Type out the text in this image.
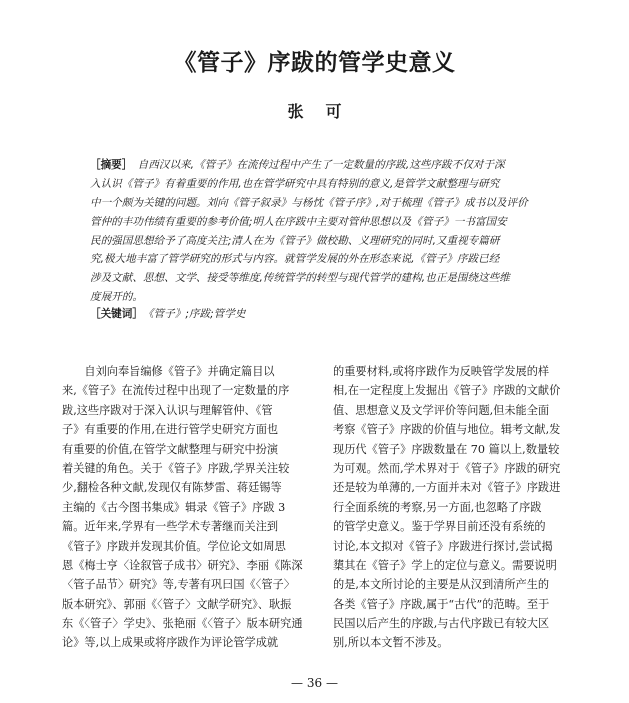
《管子》序跋的管学史意义
张 可
［摘要］　 自西汉以来,《管子》在流传过程中产生了一定数量的序跋,这些序跋不仅对于深
入认识《管子》有着重要的作用,也在管学研究中具有特别的意义,是管学文献整理与研究
中一个颇为关键的问题。刘向《管子叙录》与杨忱《管子序》,对于梳理《管子》成书以及评价
管仲的丰功伟绩有重要的参考价值;明人在序跋中主要对管仲思想以及《管子》一书富国安
民的强国思想给予了高度关注;清人在为《管子》做校勘、义理研究的同时,又重视专篇研
究,极大地丰富了管学研究的形式与内容。就管学发展的外在形态来说,《管子》序跋已经
涉及文献、思想、文学、接受等维度,传统管学的转型与现代管学的建构,也正是围绕这些维
度展开的。
［关键词］　 《管子》;序跋;管学史
　　自刘向奉旨编修《管子》并确定篇目以
来,《管子》在流传过程中出现了一定数量的序
跋,这些序跋对于深入认识与理解管仲、《管
子》有重要的作用,在进行管学史研究方面也
有重要的价值,在管学文献整理与研究中扮演
着关键的角色。关于《管子》序跋,学界关注较
少,翻检各种文献,发现仅有陈梦雷、蒋廷锡等
主编的《古今图书集成》辑录《管子》序跋 3
篇。近年来,学界有一些学术专著继而关注到
《管子》序跋并发现其价值。学位论文如周思
恩《梅士亨〈诠叙管子成书〉研究》、李丽《陈深
〈管子品节〉研究》等,专著有巩曰国《〈管子〉
版本研究》、郭丽《〈管子〉文献学研究》、耿振
东《〈管子〉学史》、张艳丽《〈管子〉版本研究通
论》等,以上成果或将序跋作为评论管学成就
的重要材料,或将序跋作为反映管学发展的样
相,在一定程度上发掘出《管子》序跋的文献价
值、思想意义及文学评价等问题,但未能全面
考察《管子》序跋的价值与地位。辑考文献,发
现历代《管子》序跋数量在 70 篇以上,数量较
为可观。然而,学术界对于《管子》序跋的研究
还是较为单薄的,一方面并未对《管子》序跋进
行全面系统的考察,另一方面,也忽略了序跋
的管学史意义。鉴于学界目前还没有系统的
讨论,本文拟对《管子》序跋进行探讨,尝试揭
橥其在《管子》学上的定位与意义。需要说明
的是,本文所讨论的主要是从汉到清所产生的
各类《管子》序跋,属于“古代”的范畴。至于
民国以后产生的序跋,与古代序跋已有较大区
别,所以本文暂不涉及。
— 36 —
